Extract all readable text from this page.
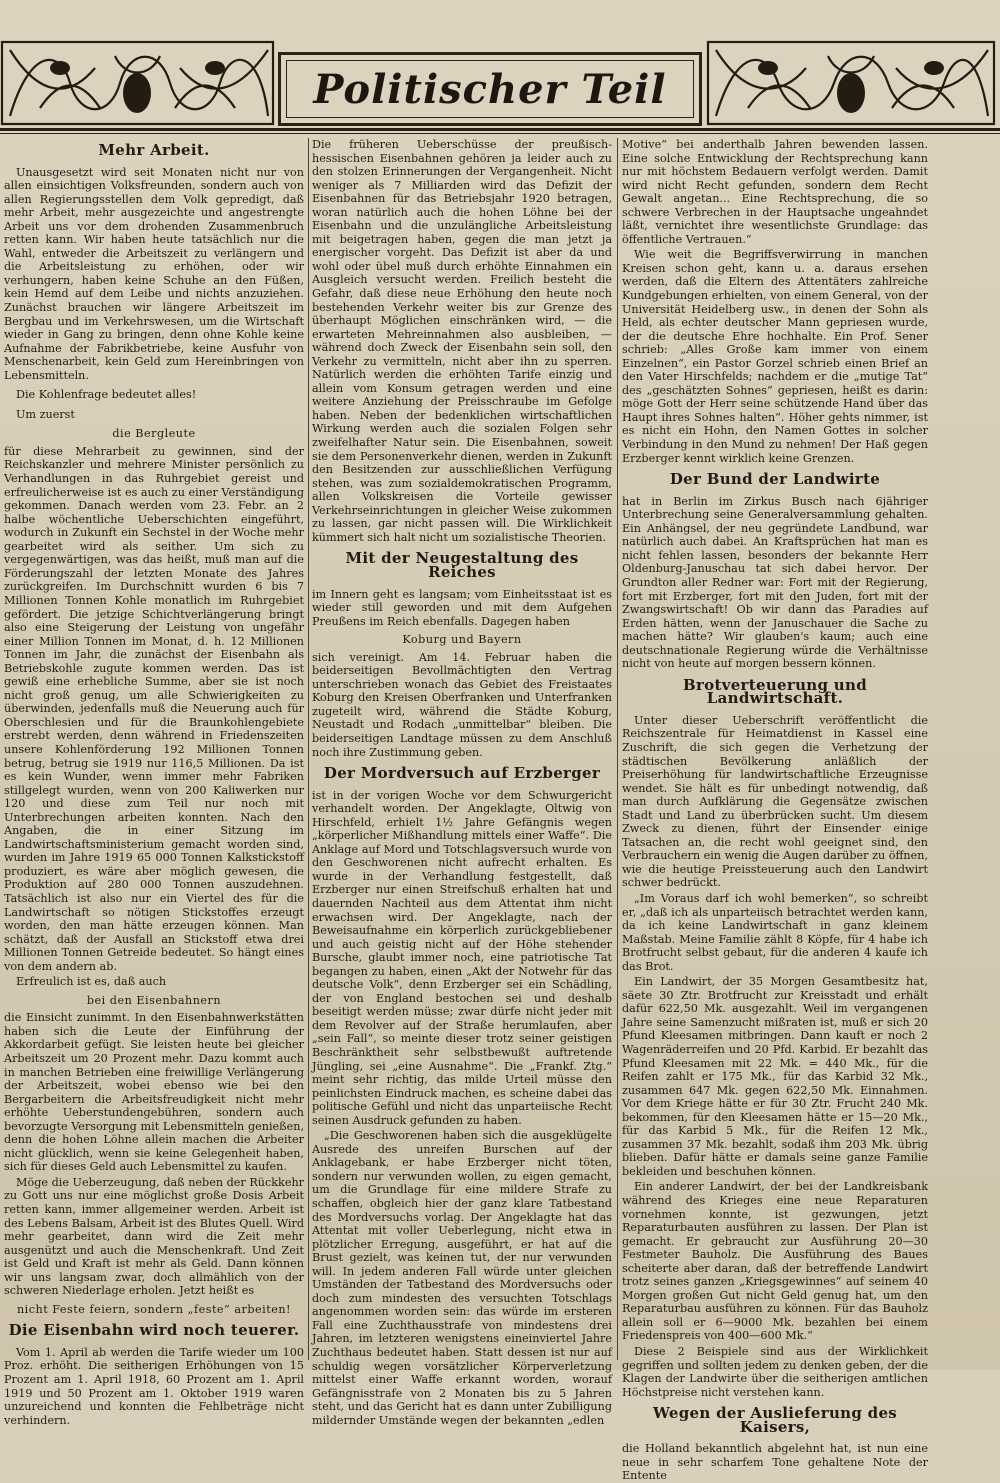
Politischer Teil
Mehr Arbeit.

Unausgesetzt wird seit Monaten nicht nur von allen einsichtigen Volksfreunden, sondern auch von allen Regierungsstellen dem Volk gepredigt, daß mehr Arbeit, mehr ausgezeichte und angestrengte Arbeit uns vor dem drohenden Zusammenbruch retten kann. Wir haben heute tatsächlich nur die Wahl, entweder die Arbeitszeit zu verlängern und die Arbeitsleistung zu erhöhen, oder wir verhungern, haben keine Schuhe an den Füßen, kein Hemd auf dem Leibe und nichts anzuziehen. Zunächst brauchen wir längere Arbeitszeit im Bergbau und im Verkehrswesen, um die Wirtschaft wieder in Gang zu bringen, denn ohne Kohle keine Aufnahme der Fabrikbetriebe, keine Ausfuhr von Menschenarbeit, kein Geld zum Hereinbringen von Lebensmitteln.

Die Kohlenfrage bedeutet alles!

Um zuerst

die Bergleute

für diese Mehrarbeit zu gewinnen, sind der Reichskanzler und mehrere Minister persönlich zu Verhandlungen in das Ruhrgebiet gereist und erfreulicherweise ist es auch zu einer Verständigung gekommen. Danach werden vom 23. Febr. an 2 halbe wöchentliche Ueberschichten eingeführt, wodurch in Zukunft ein Sechstel in der Woche mehr gearbeitet wird als seither. Um sich zu vergegenwärtigen, was das heißt, muß man auf die Förderungszahl der letzten Monate des Jahres zurückgreifen. Im Durchschnitt wurden 6 bis 7 Millionen Tonnen Kohle monatlich im Ruhrgebiet gefördert. Die jetzige Schichtverlängerung bringt also eine Steigerung der Leistung von ungefähr einer Million Tonnen im Monat, d. h. 12 Millionen Tonnen im Jahr, die zunächst der Eisenbahn als Betriebskohle zugute kommen werden. Das ist gewiß eine erhebliche Summe, aber sie ist noch nicht groß genug, um alle Schwierigkeiten zu überwinden, jedenfalls muß die Neuerung auch für Oberschlesien und für die Braunkohlengebiete erstrebt werden, denn während in Friedenszeiten unsere Kohlenförderung 192 Millionen Tonnen betrug, betrug sie 1919 nur 116,5 Millionen. Da ist es kein Wunder, wenn immer mehr Fabriken stillgelegt wurden, wenn von 200 Kaliwerken nur 120 und diese zum Teil nur noch mit Unterbrechungen arbeiten konnten. Nach den Angaben, die in einer Sitzung im Landwirtschaftsministerium gemacht worden sind, wurden im Jahre 1919 65 000 Tonnen Kalkstickstoff produziert, es wäre aber möglich gewesen, die Produktion auf 280 000 Tonnen auszudehnen. Tatsächlich ist also nur ein Viertel des für die Landwirtschaft so nötigen Stickstoffes erzeugt worden, den man hätte erzeugen können. Man schätzt, daß der Ausfall an Stickstoff etwa drei Millionen Tonnen Getreide bedeutet. So hängt eines von dem andern ab.

Erfreulich ist es, daß auch

bei den Eisenbahnern

die Einsicht zunimmt. In den Eisenbahnwerkstätten haben sich die Leute der Einführung der Akkordarbeit gefügt. Sie leisten heute bei gleicher Arbeitszeit um 20 Prozent mehr. Dazu kommt auch in manchen Betrieben eine freiwillige Verlängerung der Arbeitszeit, wobei ebenso wie bei den Bergarbeitern die Arbeitsfreudigkeit nicht mehr erhöhte Ueberstundengebühren, sondern auch bevorzugte Versorgung mit Lebensmitteln genießen, denn die hohen Löhne allein machen die Arbeiter nicht glücklich, wenn sie keine Gelegenheit haben, sich für dieses Geld auch Lebensmittel zu kaufen.

Möge die Ueberzeugung, daß neben der Rückkehr zu Gott uns nur eine möglichst große Dosis Arbeit retten kann, immer allgemeiner werden. Arbeit ist des Lebens Balsam, Arbeit ist des Blutes Quell. Wird mehr gearbeitet, dann wird die Zeit mehr ausgenützt und auch die Menschenkraft. Und Zeit ist Geld und Kraft ist mehr als Geld. Dann können wir uns langsam zwar, doch allmählich von der schweren Niederlage erholen. Jetzt heißt es

nicht Feste feiern, sondern „feste“ arbeiten!

Die Eisenbahn wird noch teuerer.

Vom 1. April ab werden die Tarife wieder um 100 Proz. erhöht. Die seitherigen Erhöhungen von 15 Prozent am 1. April 1918, 60 Prozent am 1. April 1919 und 50 Prozent am 1. Oktober 1919 waren unzureichend und konnten die Fehlbeträge nicht verhindern.

Die früheren Ueberschüsse der preußisch-hessischen Eisenbahnen gehören ja leider auch zu den stolzen Erinnerungen der Vergangenheit. Nicht weniger als 7 Milliarden wird das Defizit der Eisenbahnen für das Betriebsjahr 1920 betragen, woran natürlich auch die hohen Löhne bei der Eisenbahn und die unzulängliche Arbeitsleistung mit beigetragen haben, gegen die man jetzt ja energischer vorgeht. Das Defizit ist aber da und wohl oder übel muß durch erhöhte Einnahmen ein Ausgleich versucht werden. Freilich besteht die Gefahr, daß diese neue Erhöhung den heute noch bestehenden Verkehr weiter bis zur Grenze des überhaupt Möglichen einschränken wird, — die erwarteten Mehreinnahmen also ausbleiben, — während doch Zweck der Eisenbahn sein soll, den Verkehr zu vermitteln, nicht aber ihn zu sperren. Natürlich werden die erhöhten Tarife einzig und allein vom Konsum getragen werden und eine weitere Anziehung der Preisschraube im Gefolge haben. Neben der bedenklichen wirtschaftlichen Wirkung werden auch die sozialen Folgen sehr zweifelhafter Natur sein. Die Eisenbahnen, soweit sie dem Personenverkehr dienen, werden in Zukunft den Besitzenden zur ausschließlichen Verfügung stehen, was zum sozialdemokratischen Programm, allen Volkskreisen die Vorteile gewisser Verkehrseinrichtungen in gleicher Weise zukommen zu lassen, gar nicht passen will. Die Wirklichkeit kümmert sich halt nicht um sozialistische Theorien.

Mit der Neugestaltung des Reiches

im Innern geht es langsam; vom Einheitsstaat ist es wieder still geworden und mit dem Aufgehen Preußens im Reich ebenfalls. Dagegen haben

Koburg und Bayern

sich vereinigt. Am 14. Februar haben die beiderseitigen Bevollmächtigten den Vertrag unterschrieben wonach das Gebiet des Freistaates Koburg den Kreisen Oberfranken und Unterfranken zugeteilt wird, während die Städte Koburg, Neustadt und Rodach „unmittelbar“ bleiben. Die beiderseitigen Landtage müssen zu dem Anschluß noch ihre Zustimmung geben.

Der Mordversuch auf Erzberger

ist in der vorigen Woche vor dem Schwurgericht verhandelt worden. Der Angeklagte, Oltwig von Hirschfeld, erhielt 1½ Jahre Gefängnis wegen „körperlicher Mißhandlung mittels einer Waffe“. Die Anklage auf Mord und Totschlagsversuch wurde von den Geschworenen nicht aufrecht erhalten. Es wurde in der Verhandlung festgestellt, daß Erzberger nur einen Streifschuß erhalten hat und dauernden Nachteil aus dem Attentat ihm nicht erwachsen wird. Der Angeklagte, nach der Beweisaufnahme ein körperlich zurückgebliebener und auch geistig nicht auf der Höhe stehender Bursche, glaubt immer noch, eine patriotische Tat begangen zu haben, einen „Akt der Notwehr für das deutsche Volk“, denn Erzberger sei ein Schädling, der von England bestochen sei und deshalb beseitigt werden müsse; zwar dürfe nicht jeder mit dem Revolver auf der Straße herumlaufen, aber „sein Fall“, so meinte dieser trotz seiner geistigen Beschränktheit sehr selbstbewußt auftretende Jüngling, sei „eine Ausnahme“. Die „Frankf. Ztg.“ meint sehr richtig, das milde Urteil müsse den peinlichsten Eindruck machen, es scheine dabei das politische Gefühl und nicht das unparteiische Recht seinen Ausdruck gefunden zu haben.

„Die Geschworenen haben sich die ausgeklügelte Ausrede des unreifen Burschen auf der Anklagebank, er habe Erzberger nicht töten, sondern nur verwunden wollen, zu eigen gemacht, um die Grundlage für eine mildere Strafe zu schaffen, obgleich hier der ganz klare Tatbestand des Mordversuchs vorlag. Der Angeklagte hat das Attentat mit voller Ueberlegung, nicht etwa in plötzlicher Erregung, ausgeführt, er hat auf die Brust gezielt, was keinen tut, der nur verwunden will. In jedem anderen Fall würde unter gleichen Umständen der Tatbestand des Mordversuchs oder doch zum mindesten des versuchten Totschlags angenommen worden sein: das würde im ersteren Fall eine Zuchthausstrafe von mindestens drei Jahren, im letzteren wenigstens eineinviertel Jahre Zuchthaus bedeutet haben. Statt dessen ist nur auf schuldig wegen vorsätzlicher Körperverletzung mittelst einer Waffe erkannt worden, worauf Gefängnisstrafe von 2 Monaten bis zu 5 Jahren steht, und das Gericht hat es dann unter Zubilligung mildernder Umstände wegen der bekannten „edlen

Motive“ bei anderthalb Jahren bewenden lassen. Eine solche Entwicklung der Rechtsprechung kann nur mit höchstem Bedauern verfolgt werden. Damit wird nicht Recht gefunden, sondern dem Recht Gewalt angetan... Eine Rechtsprechung, die so schwere Verbrechen in der Hauptsache ungeahndet läßt, vernichtet ihre wesentlichste Grundlage: das öffentliche Vertrauen.“

Wie weit die Begriffsverwirrung in manchen Kreisen schon geht, kann u. a. daraus ersehen werden, daß die Eltern des Attentäters zahlreiche Kundgebungen erhielten, von einem General, von der Universität Heidelberg usw., in denen der Sohn als Held, als echter deutscher Mann gepriesen wurde, der die deutsche Ehre hochhalte. Ein Prof. Sener schrieb: „Alles Große kam immer von einem Einzelnen“, ein Pastor Gorzel schrieb einen Brief an den Vater Hirschfelds; nachdem er die „mutige Tat“ des „geschätzten Sohnes“ gepriesen, heißt es darin: möge Gott der Herr seine schützende Hand über das Haupt ihres Sohnes halten“. Höher gehts nimmer, ist es nicht ein Hohn, den Namen Gottes in solcher Verbindung in den Mund zu nehmen! Der Haß gegen Erzberger kennt wirklich keine Grenzen.

Der Bund der Landwirte

hat in Berlin im Zirkus Busch nach 6jähriger Unterbrechung seine Generalversammlung gehalten. Ein Anhängsel, der neu gegründete Landbund, war natürlich auch dabei. An Kraftsprüchen hat man es nicht fehlen lassen, besonders der bekannte Herr Oldenburg-Januschau tat sich dabei hervor. Der Grundton aller Redner war: Fort mit der Regierung, fort mit Erzberger, fort mit den Juden, fort mit der Zwangswirtschaft! Ob wir dann das Paradies auf Erden hätten, wenn der Januschauer die Sache zu machen hätte? Wir glauben's kaum; auch eine deutschnationale Regierung würde die Verhältnisse nicht von heute auf morgen bessern können.

Brotverteuerung und Landwirtschaft.

Unter dieser Ueberschrift veröffentlicht die Reichszentrale für Heimatdienst in Kassel eine Zuschrift, die sich gegen die Verhetzung der städtischen Bevölkerung anläßlich der Preiserhöhung für landwirtschaftliche Erzeugnisse wendet. Sie hält es für unbedingt notwendig, daß man durch Aufklärung die Gegensätze zwischen Stadt und Land zu überbrücken sucht. Um diesem Zweck zu dienen, führt der Einsender einige Tatsachen an, die recht wohl geeignet sind, den Verbrauchern ein wenig die Augen darüber zu öffnen, wie die heutige Preissteuerung auch den Landwirt schwer bedrückt.

„Im Voraus darf ich wohl bemerken“, so schreibt er, „daß ich als unparteiisch betrachtet werden kann, da ich keine Landwirtschaft in ganz kleinem Maßstab. Meine Familie zählt 8 Köpfe, für 4 habe ich Brotfrucht selbst gebaut, für die anderen 4 kaufe ich das Brot.

Ein Landwirt, der 35 Morgen Gesamtbesitz hat, säete 30 Ztr. Brotfrucht zur Kreisstadt und erhält dafür 622,50 Mk. ausgezahlt. Weil im vergangenen Jahre seine Samenzucht mißraten ist, muß er sich 20 Pfund Kleesamen mitbringen. Dann kauft er noch 2 Wagenräderreifen und 20 Pfd. Karbid. Er bezahlt das Pfund Kleesamen mit 22 Mk. = 440 Mk., für die Reifen zahlt er 175 Mk., für das Karbid 32 Mk., zusammen 647 Mk. gegen 622,50 Mk. Einnahmen. Vor dem Kriege hätte er für 30 Ztr. Frucht 240 Mk. bekommen, für den Kleesamen hätte er 15—20 Mk., für das Karbid 5 Mk., für die Reifen 12 Mk., zusammen 37 Mk. bezahlt, sodaß ihm 203 Mk. übrig blieben. Dafür hätte er damals seine ganze Familie bekleiden und beschuhen können.

Ein anderer Landwirt, der bei der Landkreisbank während des Krieges eine neue Reparaturen vornehmen konnte, ist gezwungen, jetzt Reparaturbauten ausführen zu lassen. Der Plan ist gemacht. Er gebraucht zur Ausführung 20—30 Festmeter Bauholz. Die Ausführung des Baues scheiterte aber daran, daß der betreffende Landwirt trotz seines ganzen „Kriegsgewinnes“ auf seinem 40 Morgen großen Gut nicht Geld genug hat, um den Reparaturbau ausführen zu können. Für das Bauholz allein soll er 6—9000 Mk. bezahlen bei einem Friedenspreis von 400—600 Mk.“

Diese 2 Beispiele sind aus der Wirklichkeit gegriffen und sollten jedem zu denken geben, der die Klagen der Landwirte über die seitherigen amtlichen Höchstpreise nicht verstehen kann.

Wegen der Auslieferung des Kaisers,

die Holland bekanntlich abgelehnt hat, ist nun eine neue in sehr scharfem Tone gehaltene Note der Entente
